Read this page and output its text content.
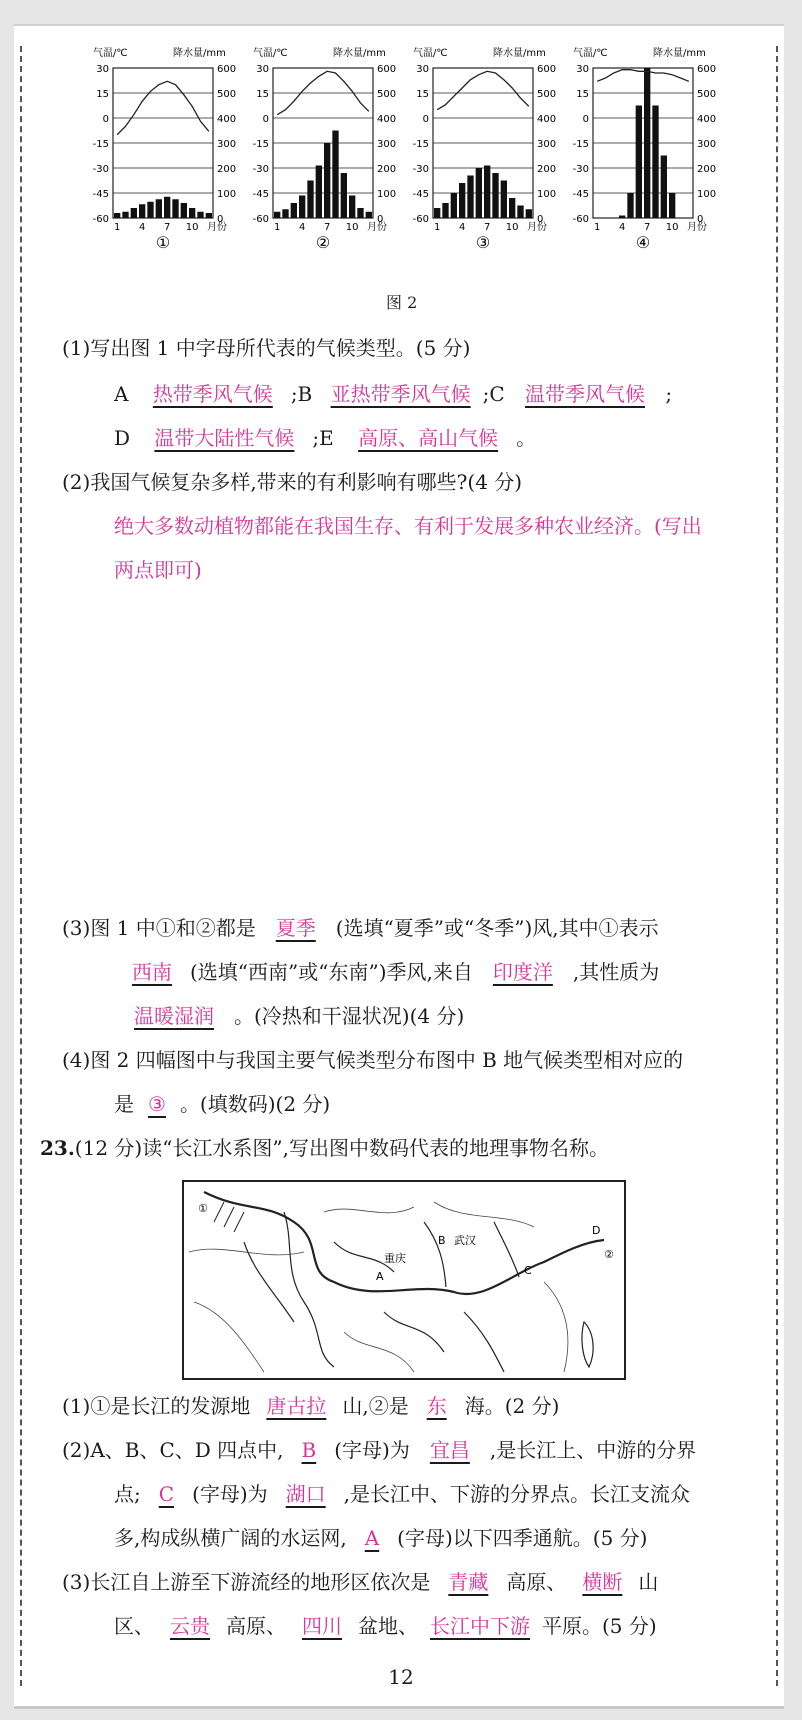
30
15
0
-15
-30
-45
-60
600
500
400
300
200
100
0
气温/℃	降水量/mm
1 4 7 10 月份
①
30
15
0
-15
-30
-45
-60
600
500
400
300
200
100
0
气温/℃	降水量/mm
1 4 7 10 月份
②
30
15
0
-15
-30
-45
-60
600
500
400
300
200
100
0
气温/℃	降水量/mm
1 4 7 10 月份
③
30
15
0
-15
-30
-45
-60
600
500
400
300
200
100
0
气温/℃	降水量/mm
1 4 7 10 月份
④
图 2
(1)写出图 1 中字母所代表的气候类型。(5 分)
A 热带季风气候 ;B 亚热带季风气候 ;C 温带季风气候 ;
D 温带大陆性气候 ;E 高原、高山气候 。
(2)我国气候复杂多样,带来的有利影响有哪些?(4 分)
绝大多数动植物都能在我国生存、有利于发展多种农业经济。(写出
两点即可)
(3)图 1 中①和②都是 夏季 (选填“夏季”或“冬季”)风,其中①表示
西南 (选填“西南”或“东南”)季风,来自 印度洋 ,其性质为
温暖湿润 。(冷热和干湿状况)(4 分)
(4)图 2 四幅图中与我国主要气候类型分布图中 B 地气候类型相对应的
是 ③ 。(填数码)(2 分)
23.(12 分)读“长江水系图”,写出图中数码代表的地理事物名称。
①
②
A
B
C
D
重庆
武汉
(1)①是长江的发源地 唐古拉 山,②是 东 海。(2 分)
(2)A、B、C、D 四点中, B (字母)为 宜昌 ,是长江上、中游的分界
点; C (字母)为 湖口 ,是长江中、下游的分界点。长江支流众
多,构成纵横广阔的水运网, A (字母)以下四季通航。(5 分)
(3)长江自上游至下游流经的地形区依次是 青藏 高原、 横断 山
区、 云贵 高原、 四川 盆地、 长江中下游 平原。(5 分)
12
